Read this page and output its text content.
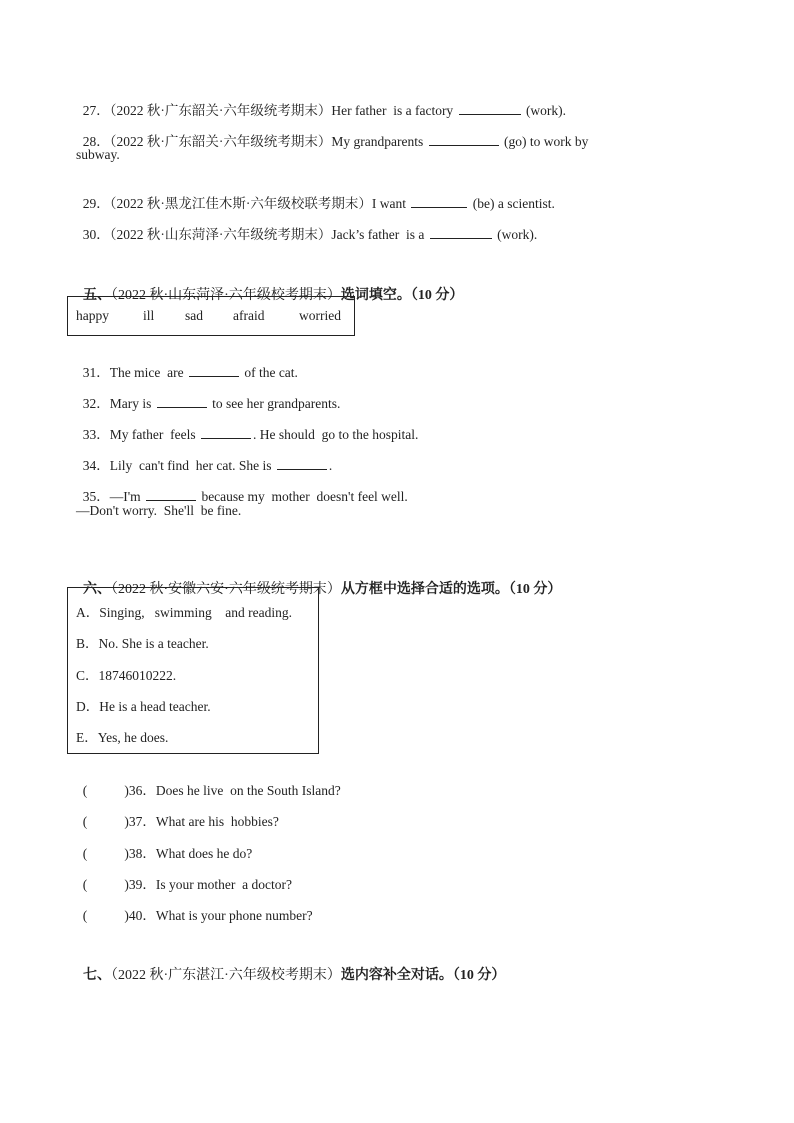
27．（2022 秋·广东韶关·六年级统考期末）Her father  is a factory	(work).

28．（2022 秋·广东韶关·六年级统考期末）My grandparents	(go) to work by

subway.

29．（2022 秋·黑龙江佳木斯·六年级校联考期末）I want	(be) a scientist.

30．（2022 秋·山东菏泽·六年级统考期末）Jack’s father  is a	(work).

五、（2022 秋·山东菏泽·六年级校考期末）选词填空。（10 分）

happy	ill sad afraid	worried

31．The mice  are	of the cat.

32．Mary is	to see her grandparents.

33．My father  feels	. He should  go to the hospital.

34．Lily  can't find  her cat. She is	.

35．—I'm	because my  mother  doesn't feel well.

—Don't worry.  She'll  be fine.

六、（2022 秋·安徽六安·六年级统考期末）从方框中选择合适的选项。（10 分）

A．Singing,   swimming    and reading.
B．No. She is a teacher.
C．18746010222.
D．He is a head teacher.
E．Yes, he does.

(           )36．Does he live  on the South Island?

(           )37．What are his  hobbies?

(           )38．What does he do?

(           )39．Is your mother  a doctor?

(           )40．What is your phone number?

七、（2022 秋·广东湛江·六年级校考期末）选内容补全对话。（10 分）
